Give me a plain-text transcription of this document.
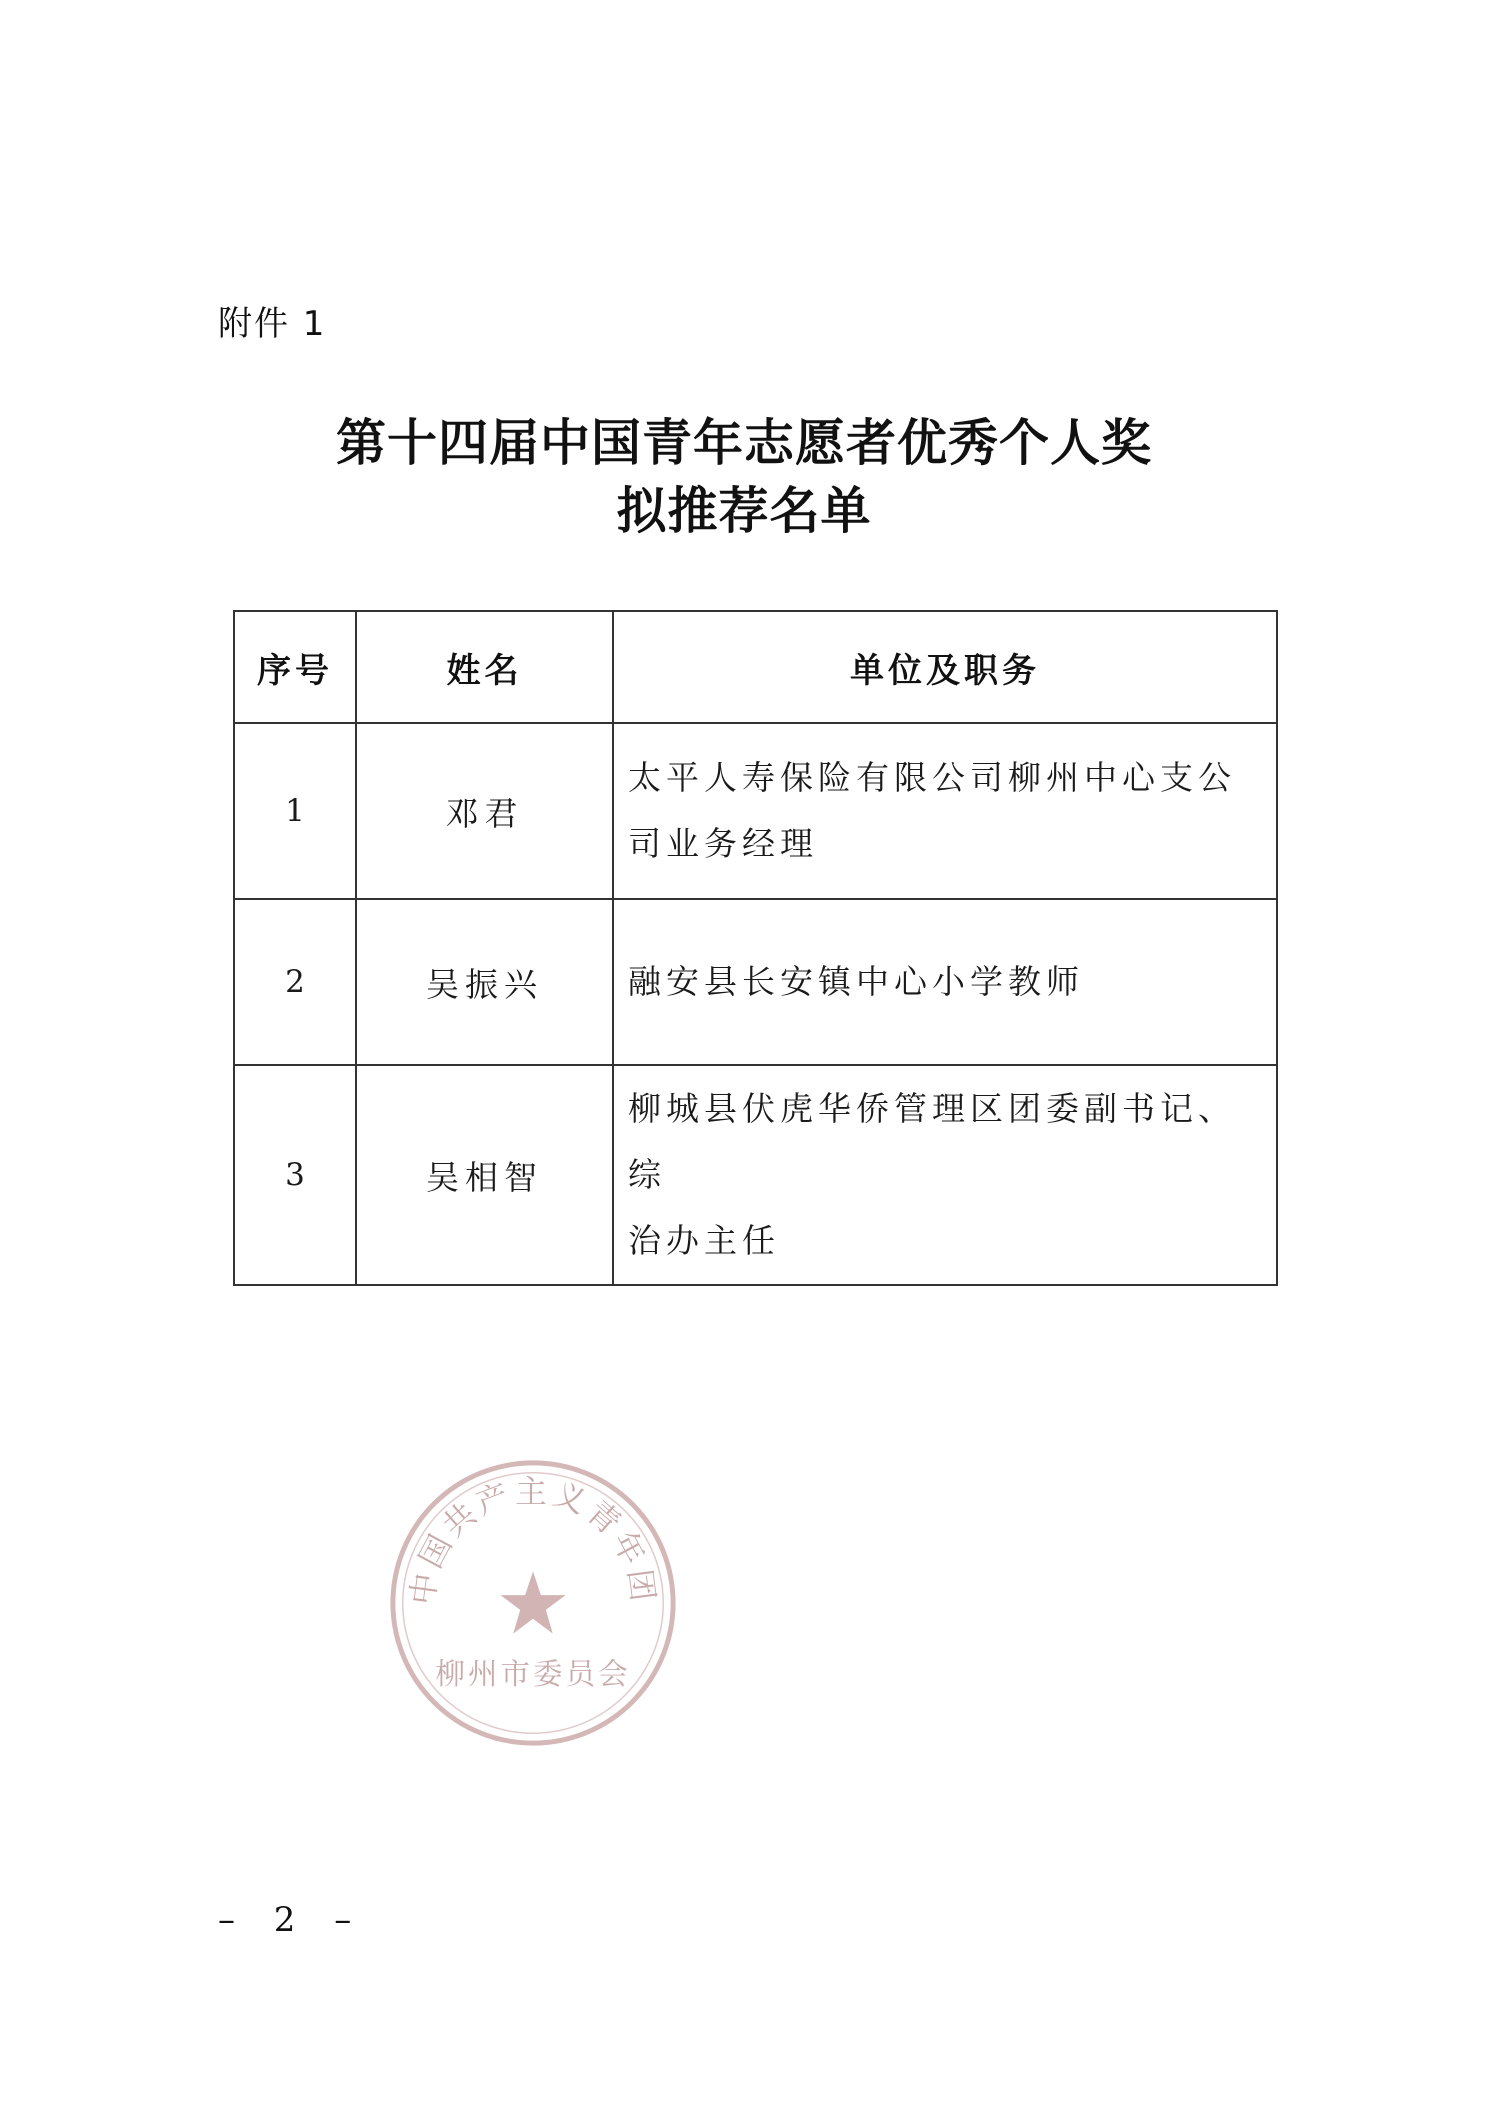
附件 1
第十四届中国青年志愿者优秀个人奖
拟推荐名单
序号	姓名	单位及职务
1	邓君	太平人寿保险有限公司柳州中心支公
司业务经理

2	吴振兴	融安县长安镇中心小学教师

3	吴相智	柳城县伏虎华侨管理区团委副书记、综
治办主任
中国共产主义青年团
柳州市委员会
– 2 –
